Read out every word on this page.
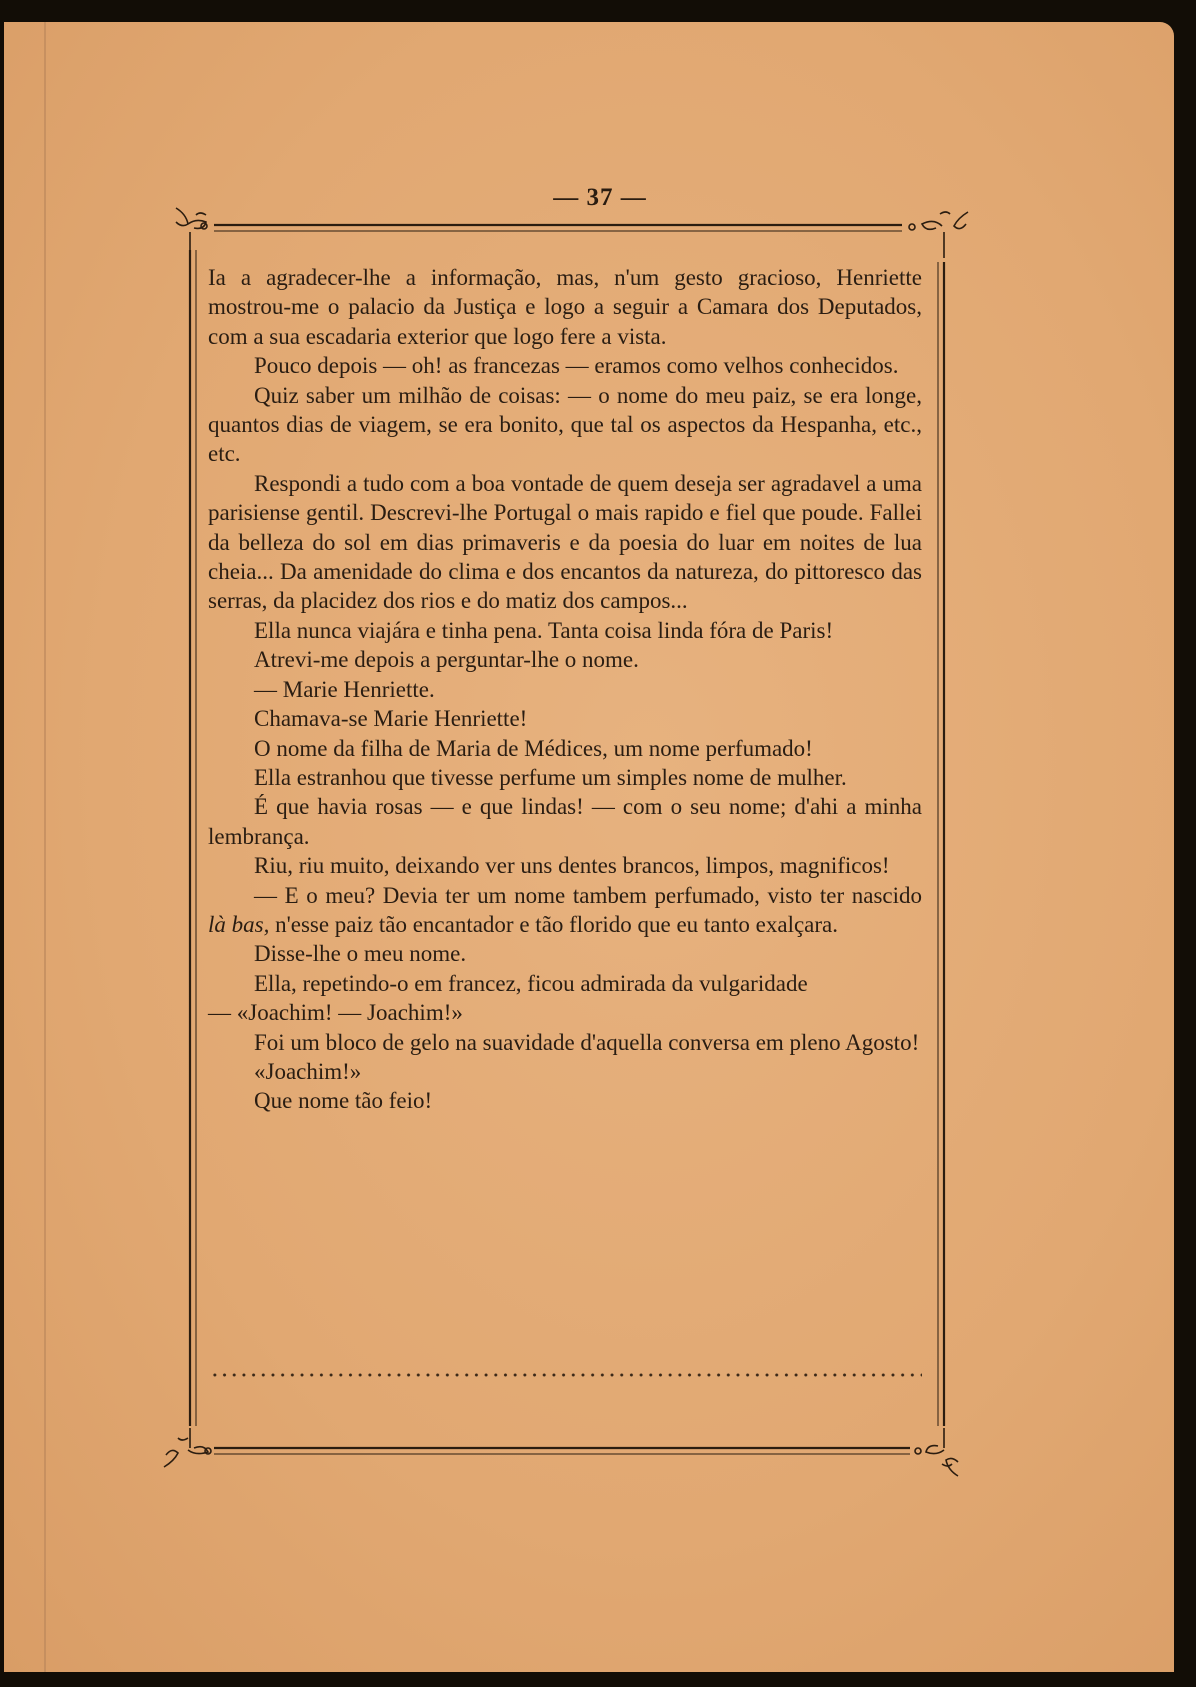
— 37 —

Ia a agradecer-lhe a informação, mas, n'um gesto gracioso, Henriette mostrou-me o palacio da Justiça e logo a seguir a Camara dos Deputados, com a sua escadaria exterior que logo fere a vista.

Pouco depois — oh! as francezas — eramos como velhos conhecidos.

Quiz saber um milhão de coisas: — o nome do meu paiz, se era longe, quantos dias de viagem, se era bonito, que tal os aspectos da Hespanha, etc., etc.

Respondi a tudo com a boa vontade de quem deseja ser agradavel a uma parisiense gentil. Descrevi-lhe Portugal o mais rapido e fiel que poude. Fallei da belleza do sol em dias primaveris e da poesia do luar em noites de lua cheia... Da amenidade do clima e dos encantos da natureza, do pittoresco das serras, da placidez dos rios e do matiz dos campos...

Ella nunca viajára e tinha pena. Tanta coisa linda fóra de Paris!

Atrevi-me depois a perguntar-lhe o nome.

— Marie Henriette.

Chamava-se Marie Henriette!

O nome da filha de Maria de Médices, um nome perfumado!

Ella estranhou que tivesse perfume um simples nome de mulher.

É que havia rosas — e que lindas! — com o seu nome; d'ahi a minha lembrança.

Riu, riu muito, deixando ver uns dentes brancos, limpos, magnificos!

— E o meu? Devia ter um nome tambem perfumado, visto ter nascido là bas, n'esse paiz tão encantador e tão florido que eu tanto exalçara.

Disse-lhe o meu nome.

Ella, repetindo-o em francez, ficou admirada da vulgaridade

— «Joachim! — Joachim!»

Foi um bloco de gelo na suavidade d'aquella conversa em pleno Agosto!

«Joachim!»

Que nome tão feio!
